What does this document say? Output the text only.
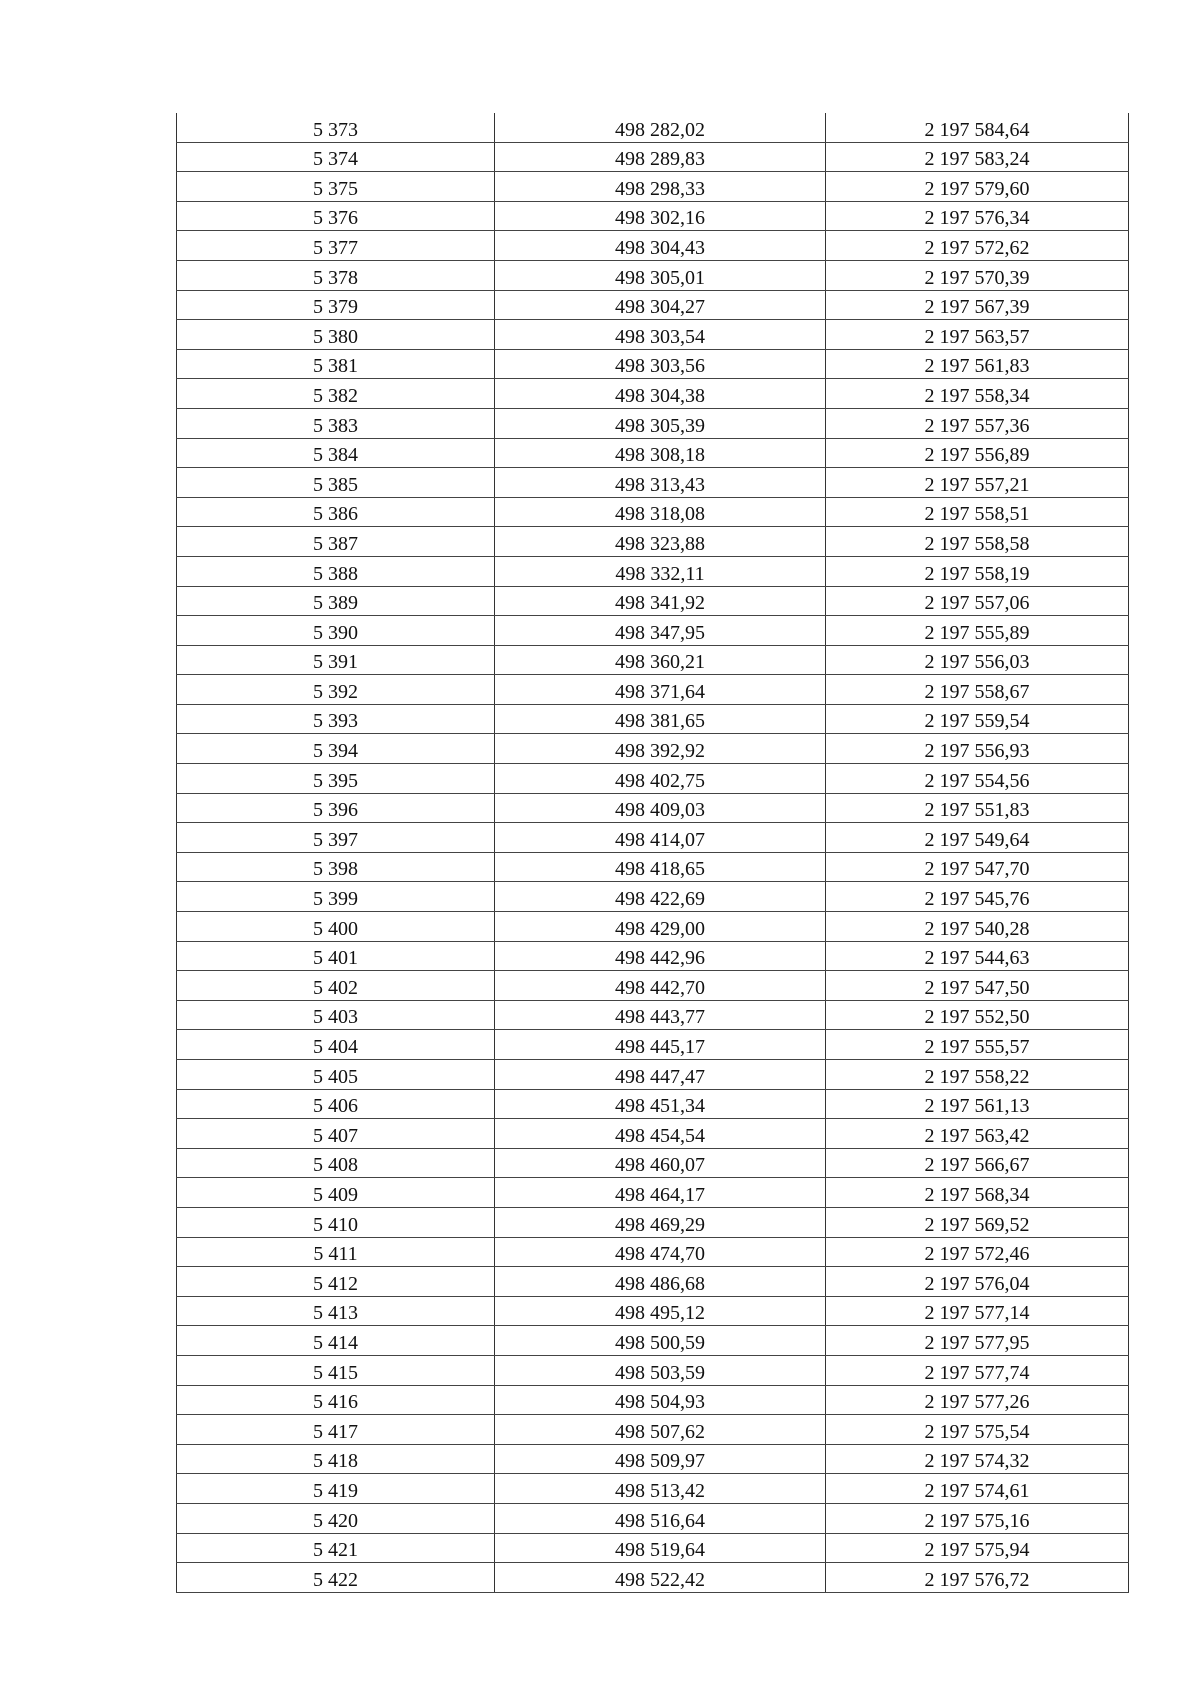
5 373	498 282,02	2 197 584,64
5 374	498 289,83	2 197 583,24
5 375	498 298,33	2 197 579,60
5 376	498 302,16	2 197 576,34
5 377	498 304,43	2 197 572,62
5 378	498 305,01	2 197 570,39
5 379	498 304,27	2 197 567,39
5 380	498 303,54	2 197 563,57
5 381	498 303,56	2 197 561,83
5 382	498 304,38	2 197 558,34
5 383	498 305,39	2 197 557,36
5 384	498 308,18	2 197 556,89
5 385	498 313,43	2 197 557,21
5 386	498 318,08	2 197 558,51
5 387	498 323,88	2 197 558,58
5 388	498 332,11	2 197 558,19
5 389	498 341,92	2 197 557,06
5 390	498 347,95	2 197 555,89
5 391	498 360,21	2 197 556,03
5 392	498 371,64	2 197 558,67
5 393	498 381,65	2 197 559,54
5 394	498 392,92	2 197 556,93
5 395	498 402,75	2 197 554,56
5 396	498 409,03	2 197 551,83
5 397	498 414,07	2 197 549,64
5 398	498 418,65	2 197 547,70
5 399	498 422,69	2 197 545,76
5 400	498 429,00	2 197 540,28
5 401	498 442,96	2 197 544,63
5 402	498 442,70	2 197 547,50
5 403	498 443,77	2 197 552,50
5 404	498 445,17	2 197 555,57
5 405	498 447,47	2 197 558,22
5 406	498 451,34	2 197 561,13
5 407	498 454,54	2 197 563,42
5 408	498 460,07	2 197 566,67
5 409	498 464,17	2 197 568,34
5 410	498 469,29	2 197 569,52
5 411	498 474,70	2 197 572,46
5 412	498 486,68	2 197 576,04
5 413	498 495,12	2 197 577,14
5 414	498 500,59	2 197 577,95
5 415	498 503,59	2 197 577,74
5 416	498 504,93	2 197 577,26
5 417	498 507,62	2 197 575,54
5 418	498 509,97	2 197 574,32
5 419	498 513,42	2 197 574,61
5 420	498 516,64	2 197 575,16
5 421	498 519,64	2 197 575,94
5 422	498 522,42	2 197 576,72
